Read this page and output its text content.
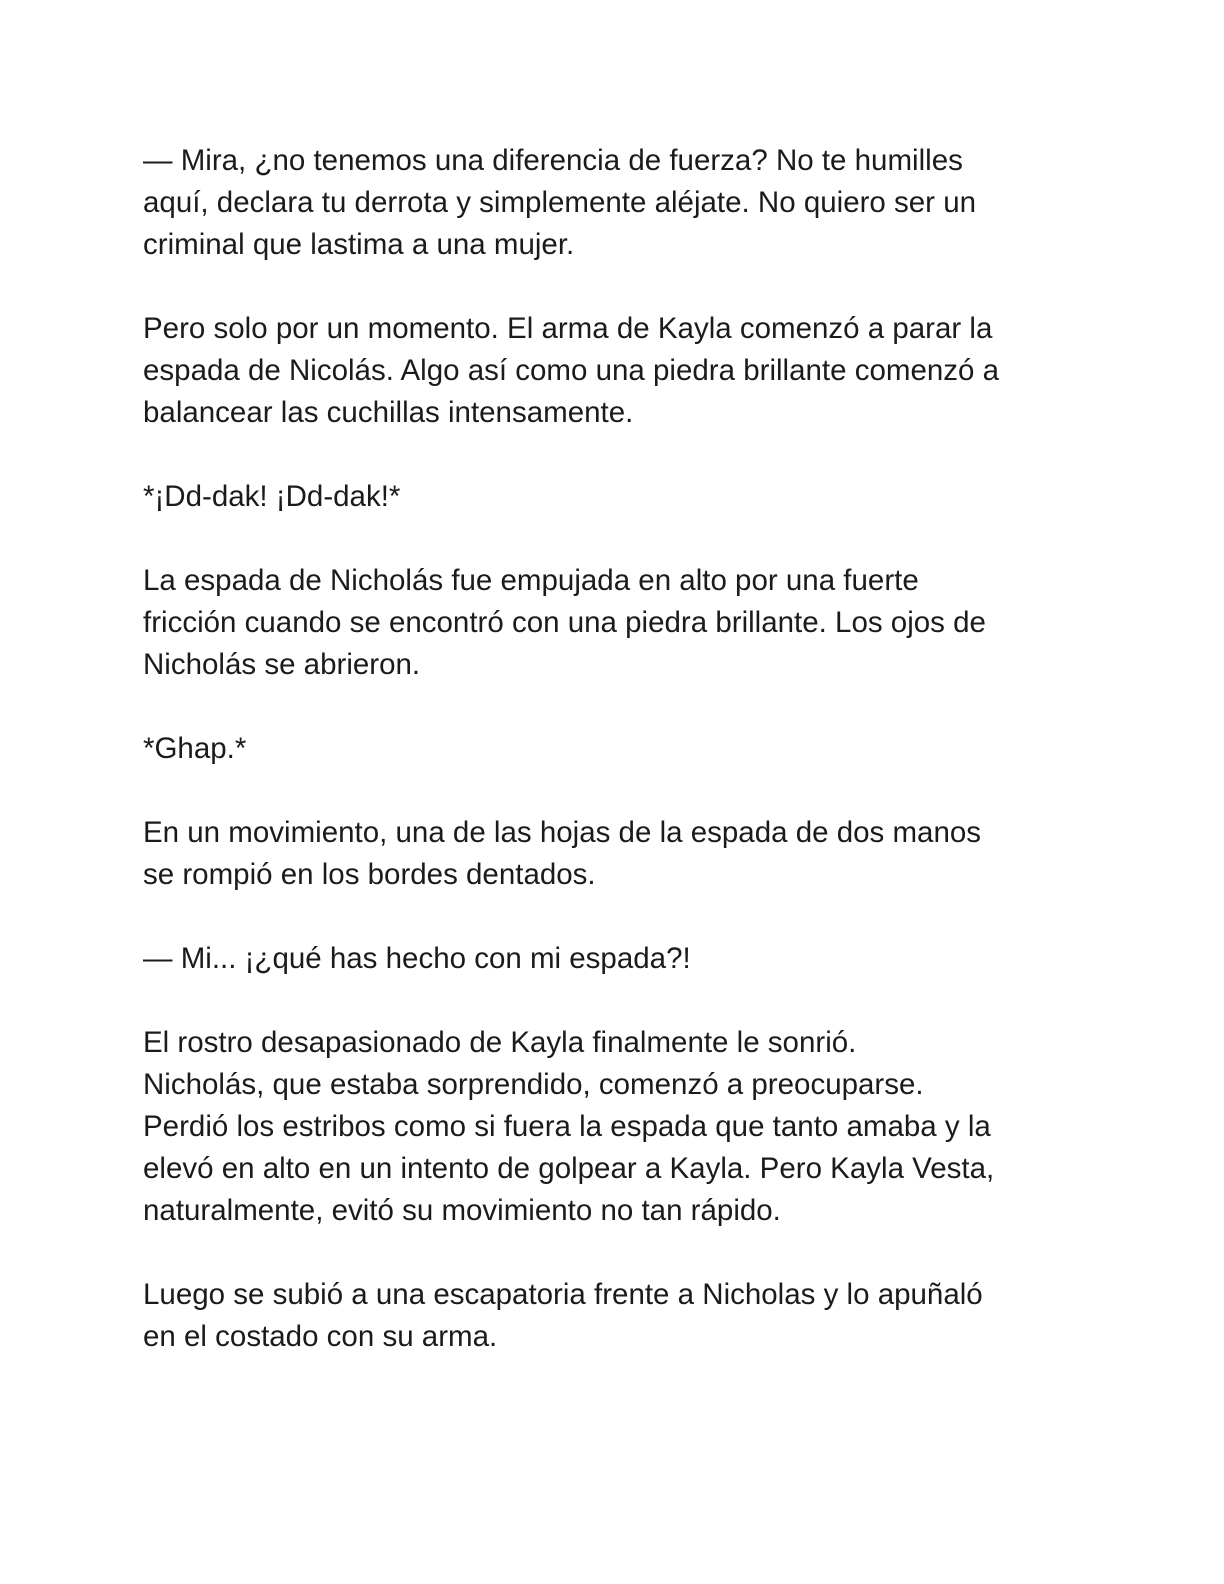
— Mira, ¿no tenemos una diferencia de fuerza? No te humilles
aquí, declara tu derrota y simplemente aléjate. No quiero ser un
criminal que lastima a una mujer.

Pero solo por un momento. El arma de Kayla comenzó a parar la
espada de Nicolás. Algo así como una piedra brillante comenzó a
balancear las cuchillas intensamente.

*¡Dd-dak! ¡Dd-dak!*

La espada de Nicholás fue empujada en alto por una fuerte
fricción cuando se encontró con una piedra brillante. Los ojos de
Nicholás se abrieron.

*Ghap.*

En un movimiento, una de las hojas de la espada de dos manos
se rompió en los bordes dentados.

— Mi... ¡¿qué has hecho con mi espada?!

El rostro desapasionado de Kayla finalmente le sonrió.
Nicholás, que estaba sorprendido, comenzó a preocuparse.
Perdió los estribos como si fuera la espada que tanto amaba y la
elevó en alto en un intento de golpear a Kayla. Pero Kayla Vesta,
naturalmente, evitó su movimiento no tan rápido.

Luego se subió a una escapatoria frente a Nicholas y lo apuñaló
en el costado con su arma.
